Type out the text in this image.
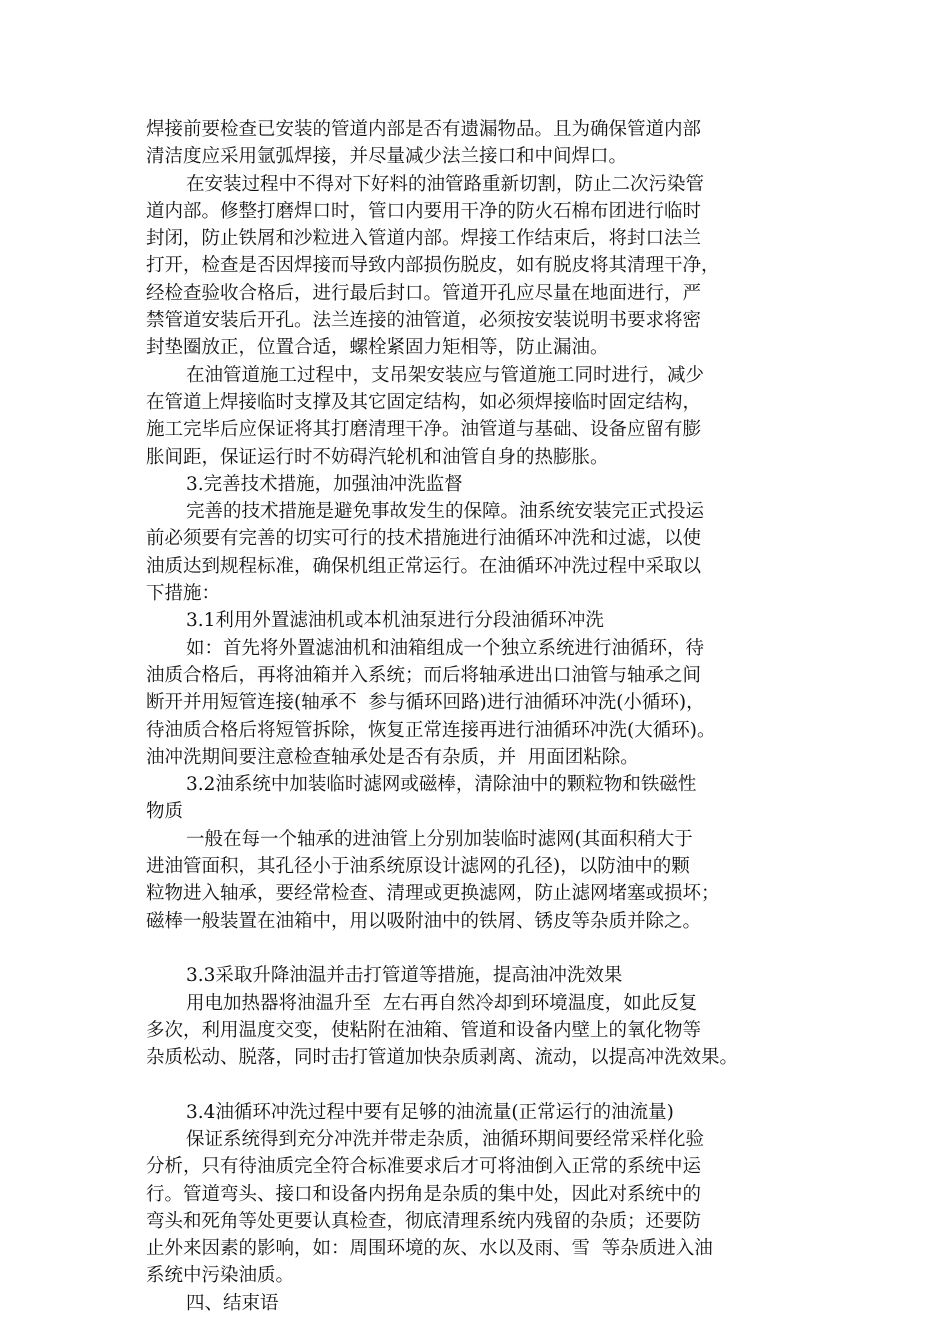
焊接前要检查已安装的管道内部是否有遗漏物品。且为确保管道内部
清洁度应采用氩弧焊接，并尽量减少法兰接口和中间焊口。
在安装过程中不得对下好料的油管路重新切割，防止二次污染管
道内部。修整打磨焊口时，管口内要用干净的防火石棉布团进行临时
封闭，防止铁屑和沙粒进入管道内部。焊接工作结束后，将封口法兰
打开，检查是否因焊接而导致内部损伤脱皮，如有脱皮将其清理干净，
经检查验收合格后，进行最后封口。管道开孔应尽量在地面进行，严
禁管道安装后开孔。法兰连接的油管道，必须按安装说明书要求将密
封垫圈放正，位置合适，螺栓紧固力矩相等，防止漏油。
在油管道施工过程中，支吊架安装应与管道施工同时进行，减少
在管道上焊接临时支撑及其它固定结构，如必须焊接临时固定结构，
施工完毕后应保证将其打磨清理干净。油管道与基础、设备应留有膨
胀间距，保证运行时不妨碍汽轮机和油管自身的热膨胀。
3.完善技术措施，加强油冲洗监督
完善的技术措施是避免事故发生的保障。油系统安装完正式投运
前必须要有完善的切实可行的技术措施进行油循环冲洗和过滤，以使
油质达到规程标准，确保机组正常运行。在油循环冲洗过程中采取以
下措施：
3.1利用外置滤油机或本机油泵进行分段油循环冲洗
如：首先将外置滤油机和油箱组成一个独立系统进行油循环，待
油质合格后，再将油箱并入系统；而后将轴承进出口油管与轴承之间
断开并用短管连接(轴承不  参与循环回路)进行油循环冲洗(小循环)，
待油质合格后将短管拆除，恢复正常连接再进行油循环冲洗(大循环)。
油冲洗期间要注意检查轴承处是否有杂质，并  用面团粘除。
3.2油系统中加装临时滤网或磁棒，清除油中的颗粒物和铁磁性
物质
一般在每一个轴承的进油管上分别加装临时滤网(其面积稍大于
进油管面积，其孔径小于油系统原设计滤网的孔径)，以防油中的颗
粒物进入轴承，要经常检查、清理或更换滤网，防止滤网堵塞或损坏；
磁棒一般装置在油箱中，用以吸附油中的铁屑、锈皮等杂质并除之。
3.3采取升降油温并击打管道等措施，提高油冲洗效果
用电加热器将油温升至  左右再自然冷却到环境温度，如此反复
多次，利用温度交变，使粘附在油箱、管道和设备内壁上的氧化物等
杂质松动、脱落，同时击打管道加快杂质剥离、流动，以提高冲洗效果。
3.4油循环冲洗过程中要有足够的油流量(正常运行的油流量)
保证系统得到充分冲洗并带走杂质，油循环期间要经常采样化验
分析，只有待油质完全符合标准要求后才可将油倒入正常的系统中运
行。管道弯头、接口和设备内拐角是杂质的集中处，因此对系统中的
弯头和死角等处更要认真检查，彻底清理系统内残留的杂质；还要防
止外来因素的影响，如：周围环境的灰、水以及雨、雪  等杂质进入油
系统中污染油质。
四、结束语
